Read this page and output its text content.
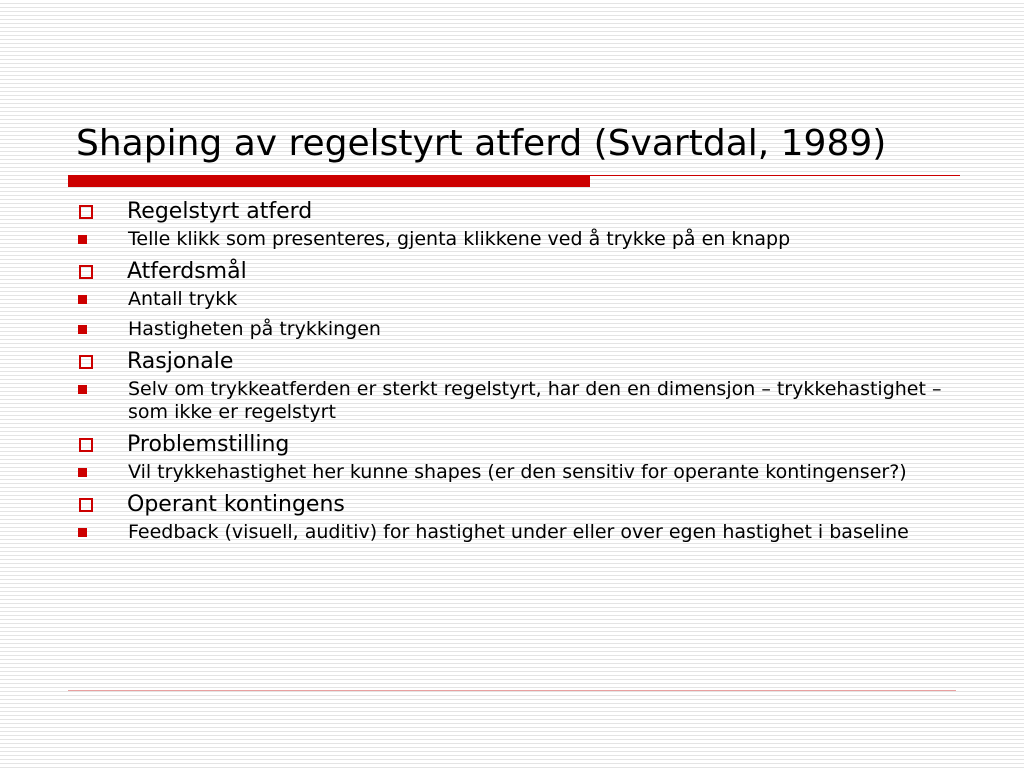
Shaping av regelstyrt atferd (Svartdal, 1989)
Regelstyrt atferd
Telle klikk som presenteres, gjenta klikkene ved å trykke på en knapp
Atferdsmål
Antall trykk
Hastigheten på trykkingen
Rasjonale
Selv om trykkeatferden er sterkt regelstyrt, har den en dimensjon – trykkehastighet – som ikke er regelstyrt
Problemstilling
Vil trykkehastighet her kunne shapes (er den sensitiv for operante kontingenser?)
Operant kontingens
Feedback (visuell, auditiv) for hastighet under eller over egen hastighet i baseline
